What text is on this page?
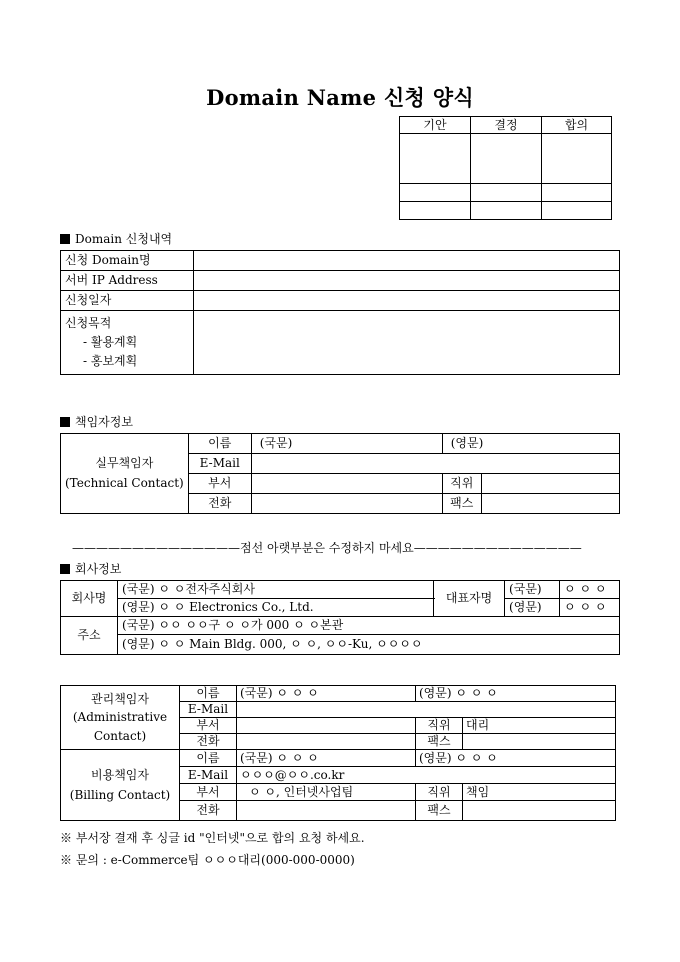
Domain Name 신청 양식
기안	결정	합의

Domain 신청내역
신청 Domain명	
서버 IP Address	
신청일자	

신청목적
- 활용계획
- 홍보계획	

책임자정보
실무책임자
(Technical Contact)	이름	(국문)	(영문)	
	E-Mail			
	부서		직위	
	전화		팩스	
——————————————점선 아랫부분은 수정하지 마세요——————————————
회사정보
회사명	(국문) ㅇ ㅇ전자주식회사	대표자명	(국문)	ㅇ ㅇ ㅇ
	(영문) ㅇ ㅇ Electronics Co., Ltd.		(영문)	ㅇ ㅇ ㅇ
주소	(국문) ㅇㅇ ㅇㅇ구 ㅇ ㅇ가 000 ㅇ ㅇ본관			
	(영문) ㅇ ㅇ Main Bldg. 000, ㅇ ㅇ, ㅇㅇ-Ku, ㅇㅇㅇㅇ			
관리책임자
(Administrative
Contact)	이름	(국문) ㅇ ㅇ ㅇ	(영문) ㅇ ㅇ ㅇ	
	E-Mail			
	부서		직위	대리
	전화		팩스	

비용책임자
(Billing Contact)	이름	(국문) ㅇ ㅇ ㅇ	(영문) ㅇ ㅇ ㅇ	
	E-Mail	ㅇㅇㅇ@ㅇㅇ.co.kr		
	부서	ㅇ ㅇ, 인터넷사업팀	직위	책임
	전화		팩스	
※ 부서장 결재 후 싱글 id "인터넷"으로 합의 요청 하세요.
※ 문의 : e-Commerce팀 ㅇㅇㅇ대리(000-000-0000)
